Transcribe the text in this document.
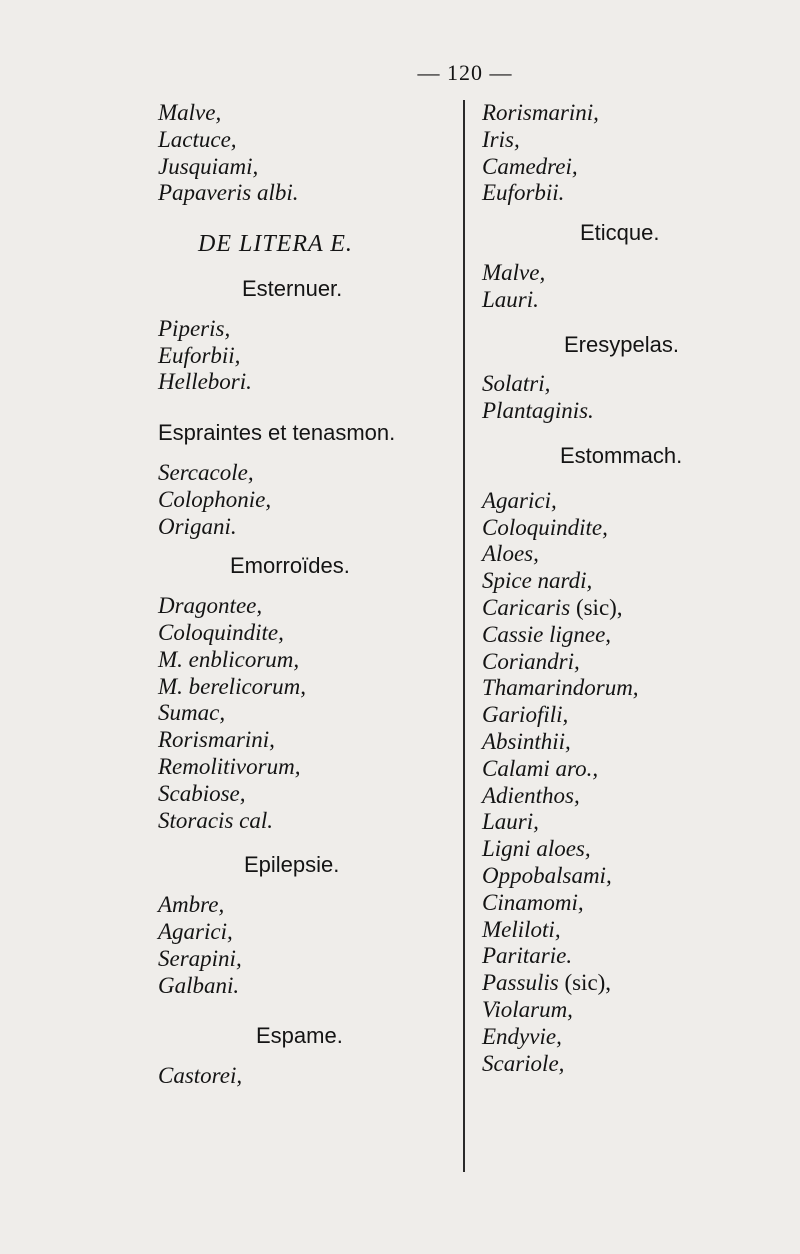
— 120 —
Malve,
Lactuce,
Jusquiami,
Papaveris albi.
DE LITERA E.
Esternuer.
Piperis,
Euforbii,
Hellebori.
Espraintes et tenasmon.
Sercacole,
Colophonie,
Origani.
Emorroïdes.
Dragontee,
Coloquindite,
M. enblicorum,
M. berelicorum,
Sumac,
Rorismarini,
Remolitivorum,
Scabiose,
Storacis cal.
Epilepsie.
Ambre,
Agarici,
Serapini,
Galbani.
Espame.
Castorei,
Rorismarini,
Iris,
Camedrei,
Euforbii.
Eticque.
Malve,
Lauri.
Eresypelas.
Solatri,
Plantaginis.
Estommach.
Agarici,
Coloquindite,
Aloes,
Spice nardi,
Caricaris (sic),
Cassie lignee,
Coriandri,
Thamarindorum,
Gariofili,
Absinthii,
Calami aro.,
Adienthos,
Lauri,
Ligni aloes,
Oppobalsami,
Cinamomi,
Meliloti,
Paritarie.
Passulis (sic),
Violarum,
Endyvie,
Scariole,
